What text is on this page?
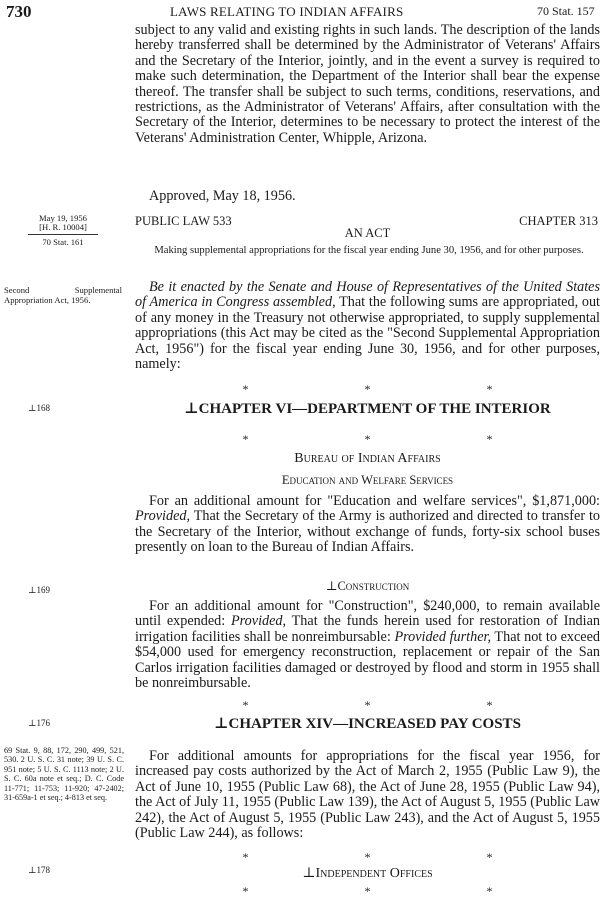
730	LAWS RELATING TO INDIAN AFFAIRS	70 Stat. 157

subject to any valid and existing rights in such lands. The description of the lands hereby transferred shall be determined by the Administrator of Veterans' Affairs and the Secretary of the Interior, jointly, and in the event a survey is required to make such determination, the Department of the Interior shall bear the expense thereof. The transfer shall be subject to such terms, conditions, reservations, and restrictions, as the Administrator of Veterans' Affairs, after consultation with the Secretary of the Interior, determines to be necessary to protect the interest of the Veterans' Administration Center, Whipple, Arizona.

Approved, May 18, 1956.

May 19, 1956
[H. R. 10004]
70 Stat. 161
PUBLIC LAW 533	CHAPTER 313
AN ACT
Making supplemental appropriations for the fiscal year ending June 30, 1956, and for other purposes.
Second Supplemental Appropriation Act, 1956.

Be it enacted by the Senate and House of Representatives of the United States of America in Congress assembled, That the following sums are appropriated, out of any money in the Treasury not otherwise appropriated, to supply supplemental appropriations (this Act may be cited as the "Second Supplemental Appropriation Act, 1956") for the fiscal year ending June 30, 1956, and for other purposes, namely:

*	*	*
⊥168	⊥CHAPTER VI—DEPARTMENT OF THE INTERIOR
*	*	*
Bureau of Indian Affairs
Education and Welfare Services

For an additional amount for "Education and welfare services", $1,871,000: Provided, That the Secretary of the Army is authorized and directed to transfer to the Secretary of the Interior, without exchange of funds, forty-six school buses presently on loan to the Bureau of Indian Affairs.

⊥169	⊥Construction

For an additional amount for "Construction", $240,000, to remain available until expended: Provided, That the funds herein used for restoration of Indian irrigation facilities shall be nonreimbursable: Provided further, That not to exceed $54,000 used for emergency reconstruction, replacement or repair of the San Carlos irrigation facilities damaged or destroyed by flood and storm in 1955 shall be nonreimbursable.

*	*	*
⊥176	⊥CHAPTER XIV—INCREASED PAY COSTS
69 Stat. 9, 88, 172, 290, 499, 521, 530. 2 U. S. C. 31 note; 39 U. S. C. 951 note; 5 U. S. C. 1113 note; 2 U. S. C. 60a note et seq.; D. C. Code 11-771; 11-753; 11-920; 47-2402; 31-659a-1 et seq.; 4-813 et seq.

For additional amounts for appropriations for the fiscal year 1956, for increased pay costs authorized by the Act of March 2, 1955 (Public Law 9), the Act of June 10, 1955 (Public Law 68), the Act of June 28, 1955 (Public Law 94), the Act of July 11, 1955 (Public Law 139), the Act of August 5, 1955 (Public Law 242), the Act of August 5, 1955 (Public Law 243), and the Act of August 5, 1955 (Public Law 244), as follows:

*	*	*
⊥178	⊥Independent Offices
*	*	*
